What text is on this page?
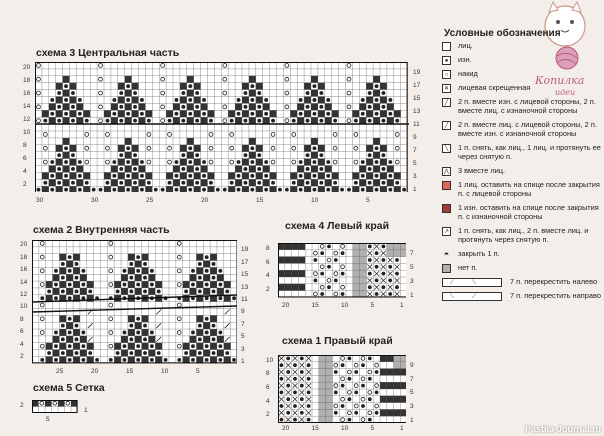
схема 3 Центральная часть
20
18
16
14
12
10
8
6
4
2
19
17
15
13
11
9
7
5
3
1
30	30	25	20	15	10	5
схема 2 Внутренняя часть
20
18
16
14
12
10
8
6
4
2
19
17
15
13
11
9
7
5
3
1
25	20	15	10	5
схема 4 Левый край
8
6
4
2
7
5
3
1
20	15	10	5	1
схема 1 Правый край
10
8
6
4
2
9
7
5
3
1
20	15	10	5	1
схема 5 Сетка
2
1
5
Копилка
идеи
Условные обозначения
лиц.
●	изн.
○	накид
✕ лицевая скрещенная
╱	2 п. вместе изн. с лицевой стороны, 2 п. вместе лиц. с изнаночной стороны
╱	2 п. вместе лиц. с лицевой стороны, 2 п. вместе изн. с изнаночной стороны
╲	1 п. снять, как лиц., 1 лиц. и протянуть ее через снятую п.
⋀ 3 вместе лиц.
1 лиц. оставить на спице после закрытия п. с лицевой стороны
1 изн. оставить на спице после закрытия п. с изнаночной стороны
↗ 1 п. снять, как лиц., 2 п. вместе лиц. и протянуть через снятую п.
◓ закрыть 1 п.
нет п.
⟋⟍	7 п. перекрестить налево
⟍⟋	7 п. перекрестить направо
Pastila-Journal.ru
